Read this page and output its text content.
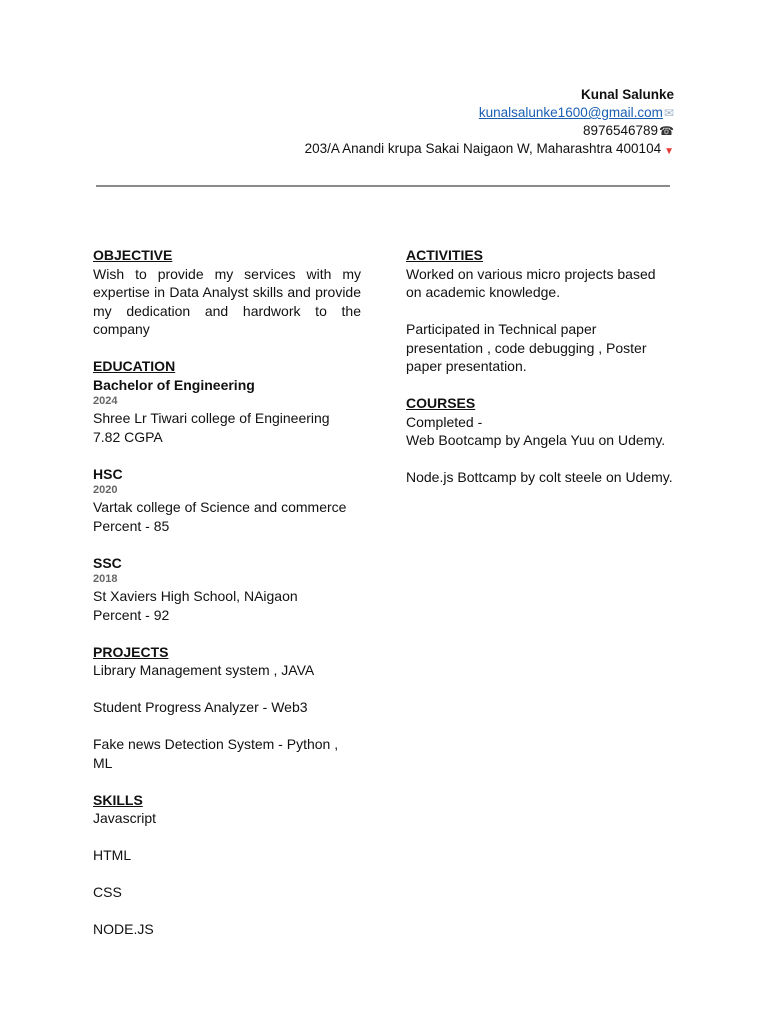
Kunal Salunke
kunalsalunke1600@gmail.com✉
8976546789☎
203/A Anandi krupa Sakai Naigaon W, Maharashtra 400104 ▼

OBJECTIVE

Wish to provide my services with my expertise in Data Analyst skills and provide my dedication and hardwork to the company

EDUCATION

Bachelor of Engineering

2024

Shree Lr Tiwari college of Engineering

7.82 CGPA

HSC

2020

Vartak college of Science and commerce

Percent - 85

SSC

2018

St Xaviers High School, NAigaon

Percent - 92

PROJECTS

Library Management system , JAVA

Student Progress Analyzer - Web3

Fake news Detection System - Python , ML

SKILLS

Javascript

HTML

CSS

NODE.JS

ACTIVITIES

Worked on various micro projects based on academic knowledge.

Participated in Technical paper presentation , code debugging , Poster paper presentation.

COURSES

Completed -

Web Bootcamp by Angela Yuu on Udemy.

Node.js Bottcamp by colt steele on Udemy.
